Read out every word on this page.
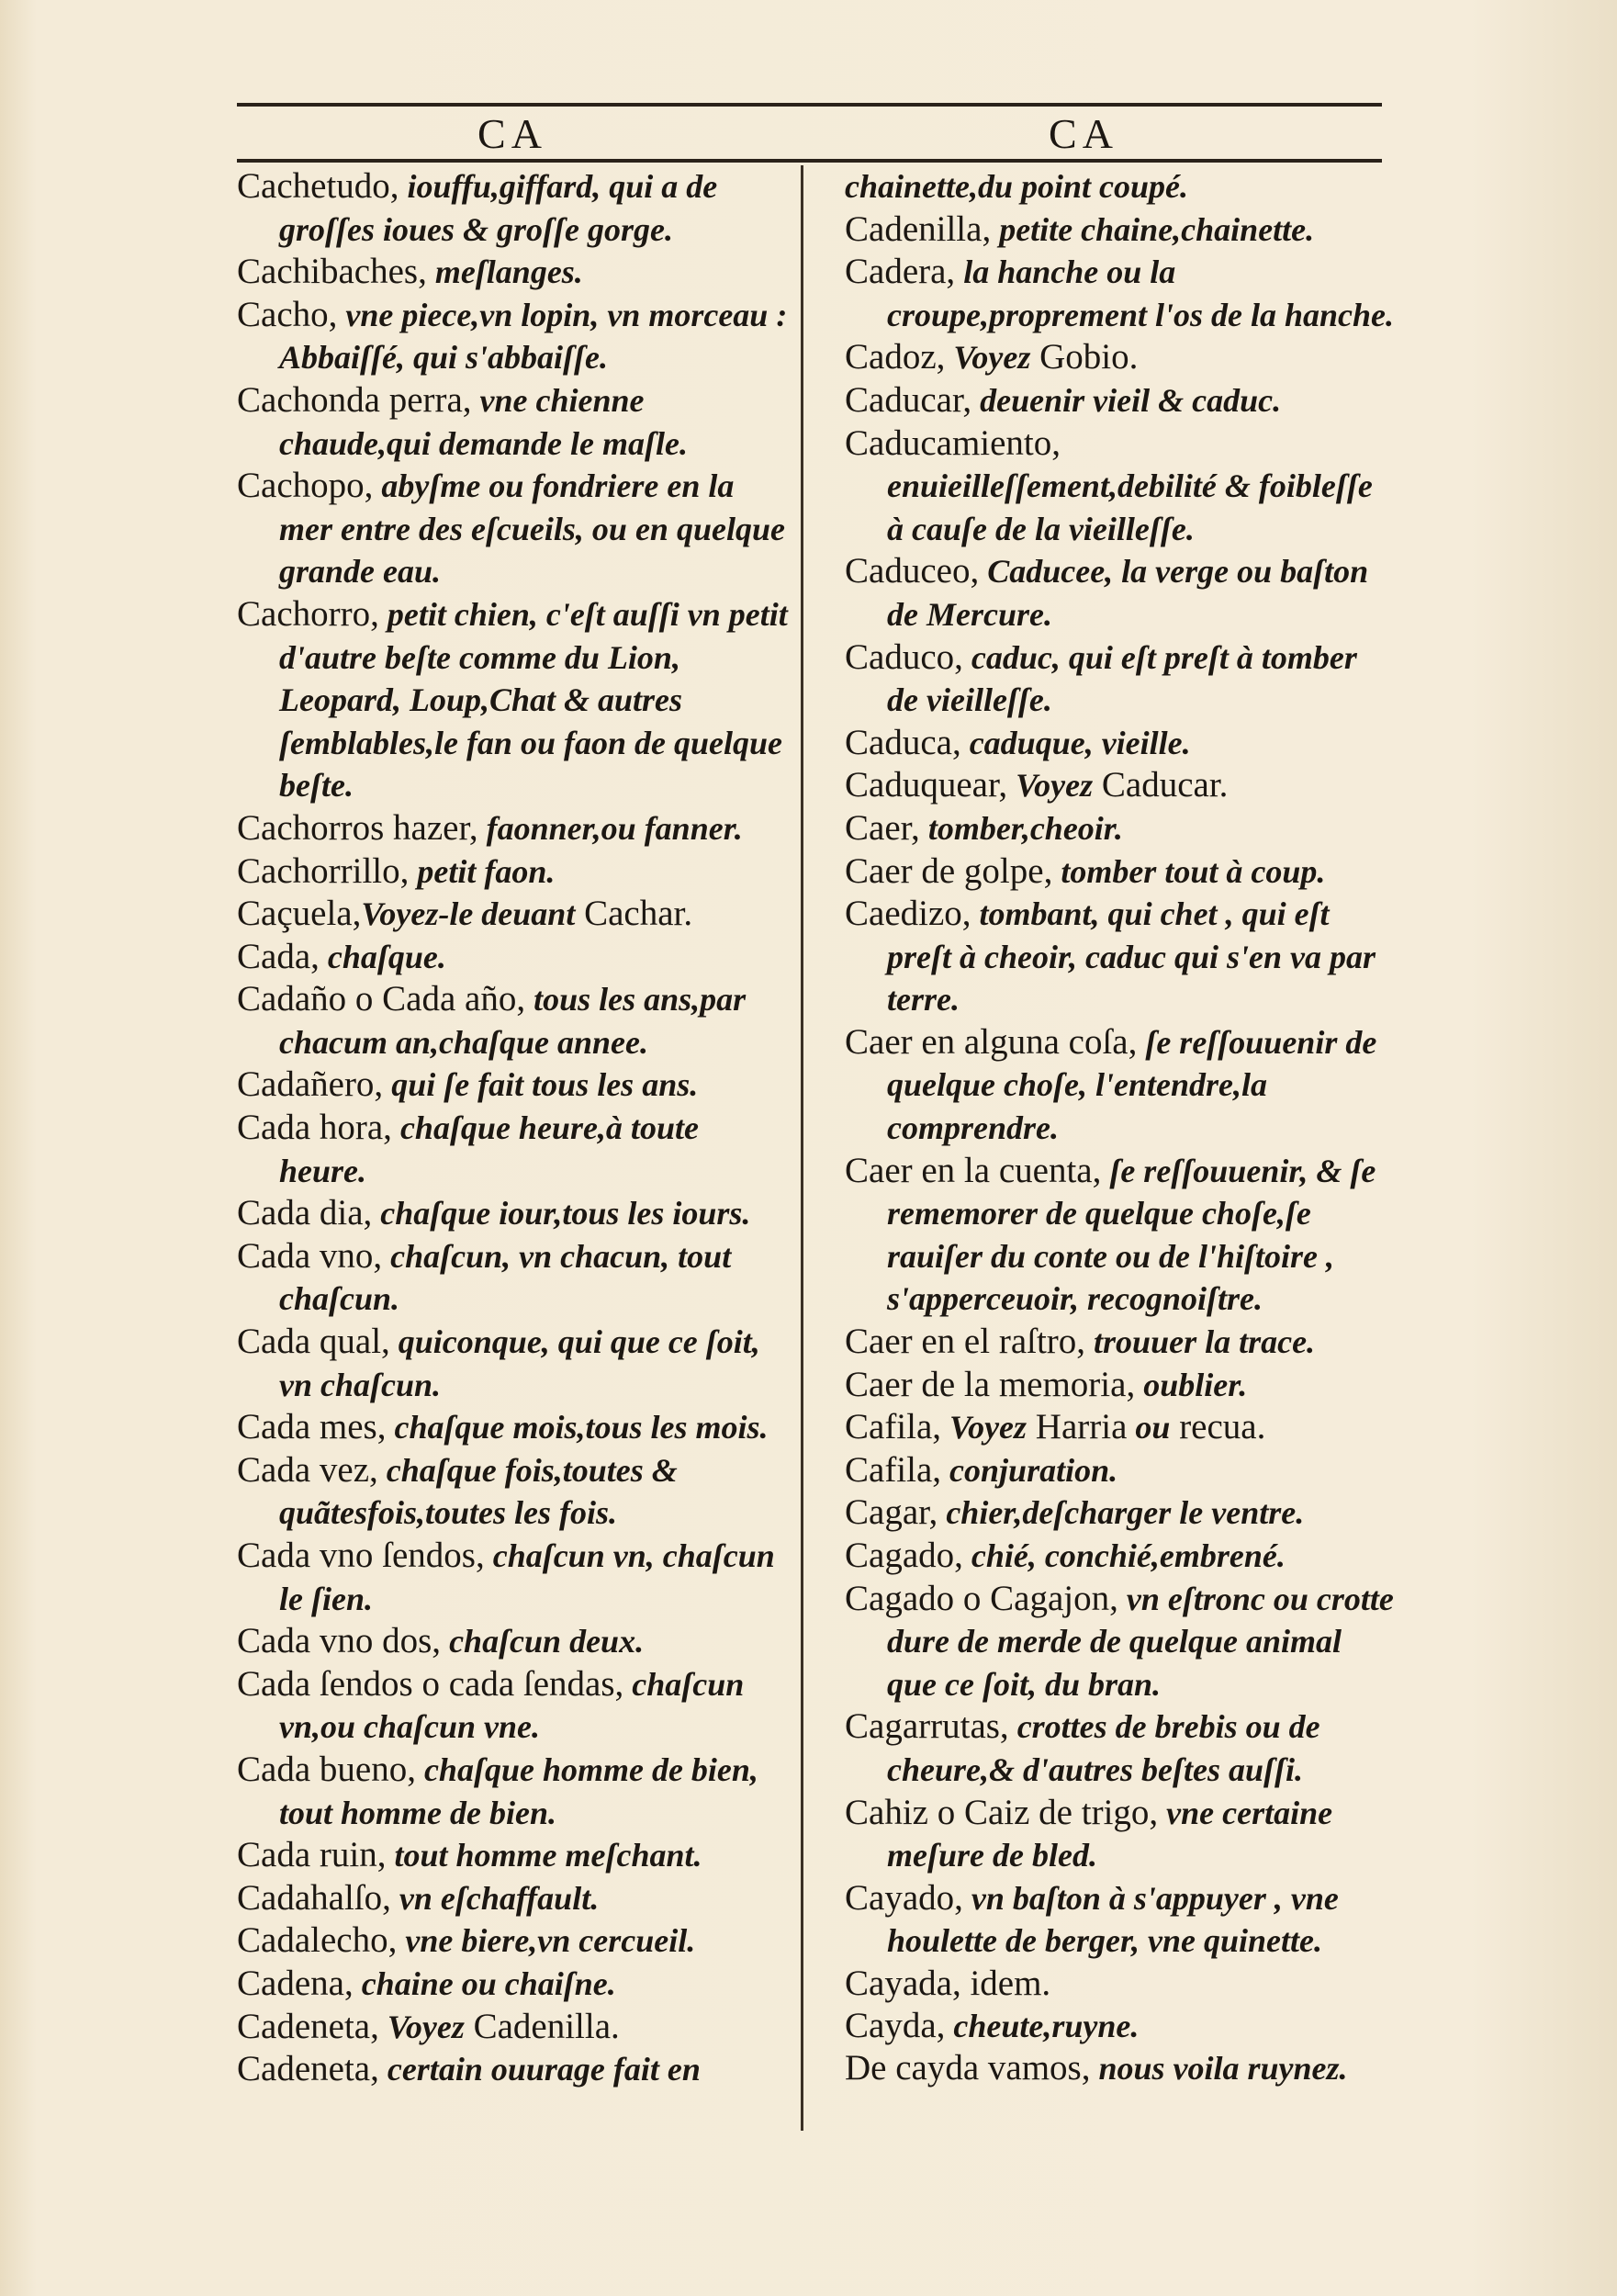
CA	CA
Cachetudo, iouffu,giffard, qui a de groſſes ioues & groſſe gorge.
Cachibaches, meſlanges.
Cacho, vne piece,vn lopin, vn morceau : Abbaiſſé, qui s'abbaiſſe.
Cachonda perra, vne chienne chaude,qui demande le maſle.
Cachopo, abyſme ou fondriere en la mer entre des eſcueils, ou en quelque grande eau.
Cachorro, petit chien, c'eſt auſſi vn petit d'autre beſte comme du Lion, Leopard, Loup,Chat & autres ſemblables,le fan ou faon de quelque beſte.
Cachorros hazer, faonner,ou fanner.
Cachorrillo, petit faon.
Caçuela,Voyez-le deuant Cachar.
Cada, chaſque.
Cadaño o Cada año, tous les ans,par chacum an,chaſque annee.
Cadañero, qui ſe fait tous les ans.
Cada hora, chaſque heure,à toute heure.
Cada dia, chaſque iour,tous les iours.
Cada vno, chaſcun, vn chacun, tout chaſcun.
Cada qual, quiconque, qui que ce ſoit, vn chaſcun.
Cada mes, chaſque mois,tous les mois.
Cada vez, chaſque fois,toutes & quãtesfois,toutes les fois.
Cada vno ſendos, chaſcun vn, chaſcun le ſien.
Cada vno dos, chaſcun deux.
Cada ſendos o cada ſendas, chaſcun vn,ou chaſcun vne.
Cada bueno, chaſque homme de bien, tout homme de bien.
Cada ruin, tout homme meſchant.
Cadahalſo, vn eſchaffault.
Cadalecho, vne biere,vn cercueil.
Cadena, chaine ou chaiſne.
Cadeneta, Voyez Cadenilla.
Cadeneta, certain ouurage fait en
chainette,du point coupé.
Cadenilla, petite chaine,chainette.
Cadera, la hanche ou la croupe,proprement l'os de la hanche.
Cadoz, Voyez Gobio.
Caducar, deuenir vieil & caduc.
Caducamiento, enuieilleſſement,debilité & foibleſſe à cauſe de la vieilleſſe.
Caduceo, Caducee, la verge ou baſton de Mercure.
Caduco, caduc, qui eſt preſt à tomber de vieilleſſe.
Caduca, caduque, vieille.
Caduquear, Voyez Caducar.
Caer, tomber,cheoir.
Caer de golpe, tomber tout à coup.
Caedizo, tombant, qui chet , qui eſt preſt à cheoir, caduc qui s'en va par terre.
Caer en alguna coſa, ſe reſſouuenir de quelque choſe, l'entendre,la comprendre.
Caer en la cuenta, ſe reſſouuenir, & ſe rememorer de quelque choſe,ſe rauiſer du conte ou de l'hiſtoire , s'apperceuoir, recognoiſtre.
Caer en el raſtro, trouuer la trace.
Caer de la memoria, oublier.
Cafila, Voyez Harria ou recua.
Cafila, conjuration.
Cagar, chier,deſcharger le ventre.
Cagado, chié, conchié,embrené.
Cagado o Cagajon, vn eſtronc ou crotte dure de merde de quelque animal que ce ſoit, du bran.
Cagarrutas, crottes de brebis ou de cheure,& d'autres beſtes auſſi.
Cahiz o Caiz de trigo, vne certaine meſure de bled.
Cayado, vn baſton à s'appuyer , vne houlette de berger, vne quinette.
Cayada, idem.
Cayda, cheute,ruyne.
De cayda vamos, nous voila ruynez.
